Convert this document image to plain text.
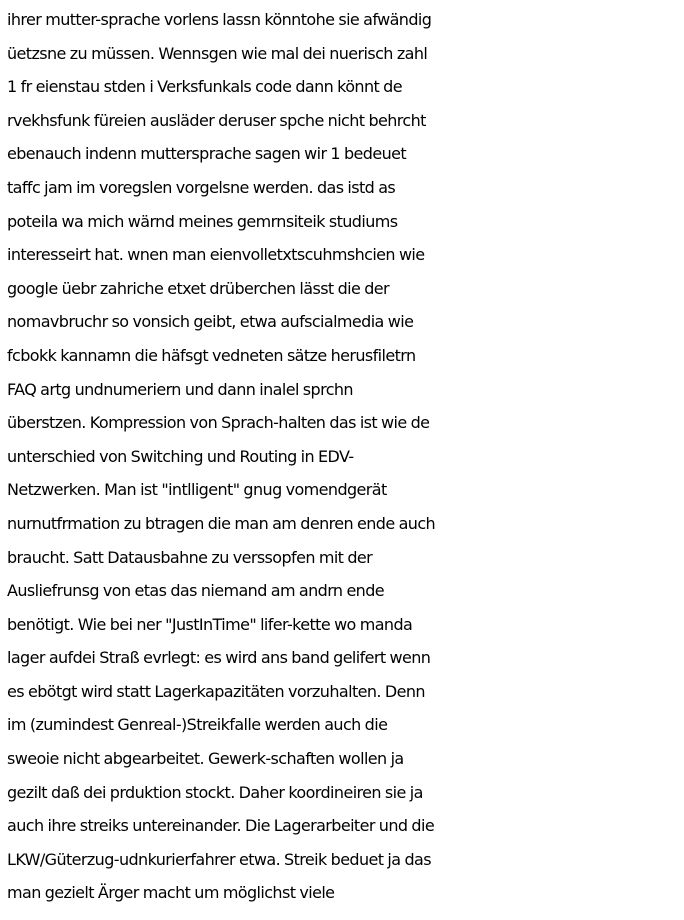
ihrer mutter-sprache vorlens lassn könntohe sie afwändig
üetzsne zu müssen. Wennsgen wie mal dei nuerisch zahl
1 fr eienstau stden i Verksfunkals code dann könnt de
rvekhsfunk füreien ausläder deruser spche nicht behrcht
ebenauch indenn muttersprache sagen wir 1 bedeuet
taffc jam im voregslen vorgelsne werden. das istd as
poteila wa mich wärnd meines gemrnsiteik studiums
interesseirt hat. wnen man eienvolletxtscuhmshcien wie
google üebr zahriche etxet drüberchen lässt die der
nomavbruchr so vonsich geibt, etwa aufscialmedia wie
fcbokk kannamn die häfsgt vedneten sätze herusfiletrn
FAQ artg undnumeriern und dann inalel sprchn
überstzen. Kompression von Sprach-halten das ist wie de
unterschied von Switching und Routing in EDV-
Netzwerken. Man ist "intlligent" gnug vomendgerät
nurnutfrmation zu btragen die man am denren ende auch
braucht. Satt Datausbahne zu verssopfen mit der
Ausliefrunsg von etas das niemand am andrn ende
benötigt. Wie bei ner "JustInTime" lifer-kette wo manda
lager aufdei Straß evrlegt: es wird ans band gelifert wenn
es ebötgt wird statt Lagerkapazitäten vorzuhalten. Denn
im (zumindest Genreal-)Streikfalle werden auch die
sweoie nicht abgearbeitet. Gewerk-schaften wollen ja
gezilt daß dei prduktion stockt. Daher koordineiren sie ja
auch ihre streiks untereinander. Die Lagerarbeiter und die
LKW/Güterzug-udnkurierfahrer etwa. Streik beduet ja das
man gezielt Ärger macht um möglichst viele
